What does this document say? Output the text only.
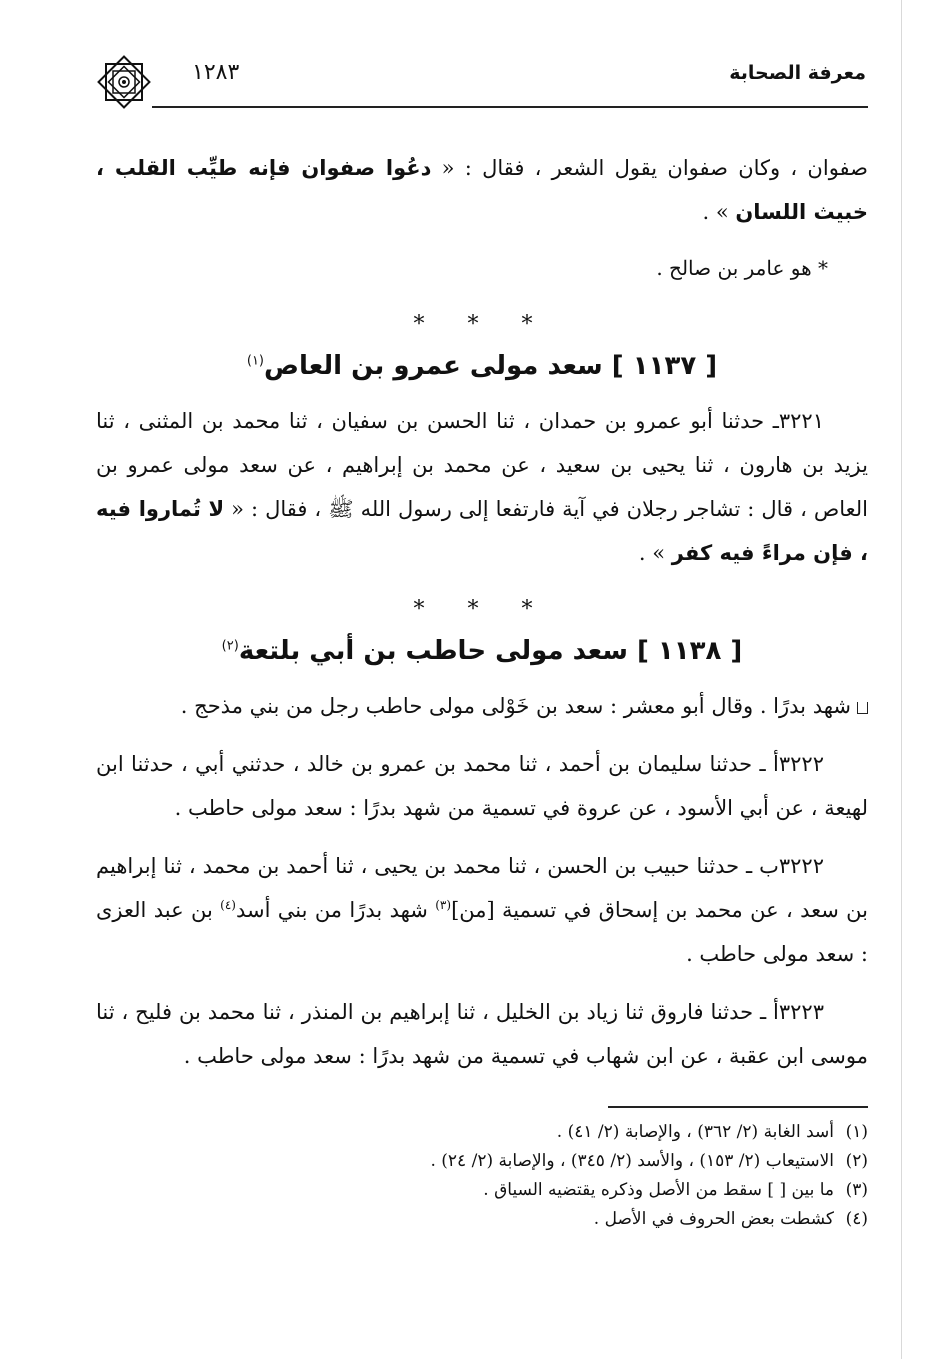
معرفة الصحابة
١٢٨٣

صفوان ، وكان صفوان يقول الشعر ، فقال : « دعُوا صفوان فإنه طيِّب القلب ، خبيث اللسان » .

* هو عامر بن صالح .

* * *
[ ١١٣٧ ] سعد مولى عمرو بن العاص$^{(١)}$

٣٢٢١ـ حدثنا أبو عمرو بن حمدان ، ثنا الحسن بن سفيان ، ثنا محمد بن المثنى ، ثنا يزيد بن هارون ، ثنا يحيى بن سعيد ، عن محمد بن إبراهيم ، عن سعد مولى عمرو بن العاص ، قال : تشاجر رجلان في آية فارتفعا إلى رسول الله ﷺ ، فقال : « لا تُماروا فيه ، فإن مراءً فيه كفر » .

* * *
[ ١١٣٨ ] سعد مولى حاطب بن أبي بلتعة$^{(٢)}$

شهد بدرًا . وقال أبو معشر : سعد بن خَوْلى مولى حاطب رجل من بني مذحج .

٣٢٢٢أ ـ حدثنا سليمان بن أحمد ، ثنا محمد بن عمرو بن خالد ، حدثني أبي ، حدثنا ابن لهيعة ، عن أبي الأسود ، عن عروة في تسمية من شهد بدرًا : سعد مولى حاطب .

٣٢٢٢ب ـ حدثنا حبيب بن الحسن ، ثنا محمد بن يحيى ، ثنا أحمد بن محمد ، ثنا إبراهيم بن سعد ، عن محمد بن إسحاق في تسمية [من]$^{(٣)}$ شهد بدرًا من بني أسد$^{(٤)}$ بن عبد العزى : سعد مولى حاطب .

٣٢٢٣أ ـ حدثنا فاروق ثنا زياد بن الخليل ، ثنا إبراهيم بن المنذر ، ثنا محمد بن فليح ، ثنا موسى ابن عقبة ، عن ابن شهاب في تسمية من شهد بدرًا : سعد مولى حاطب .

(١)أسد الغابة (٢/ ٣٦٢) ، والإصابة (٢/ ٤١) .

(٢)الاستيعاب (٢/ ١٥٣) ، والأسد (٢/ ٣٤٥) ، والإصابة (٢/ ٢٤) .

(٣)ما بين [ ] سقط من الأصل وذكره يقتضيه السياق .

(٤)كشطت بعض الحروف في الأصل .
